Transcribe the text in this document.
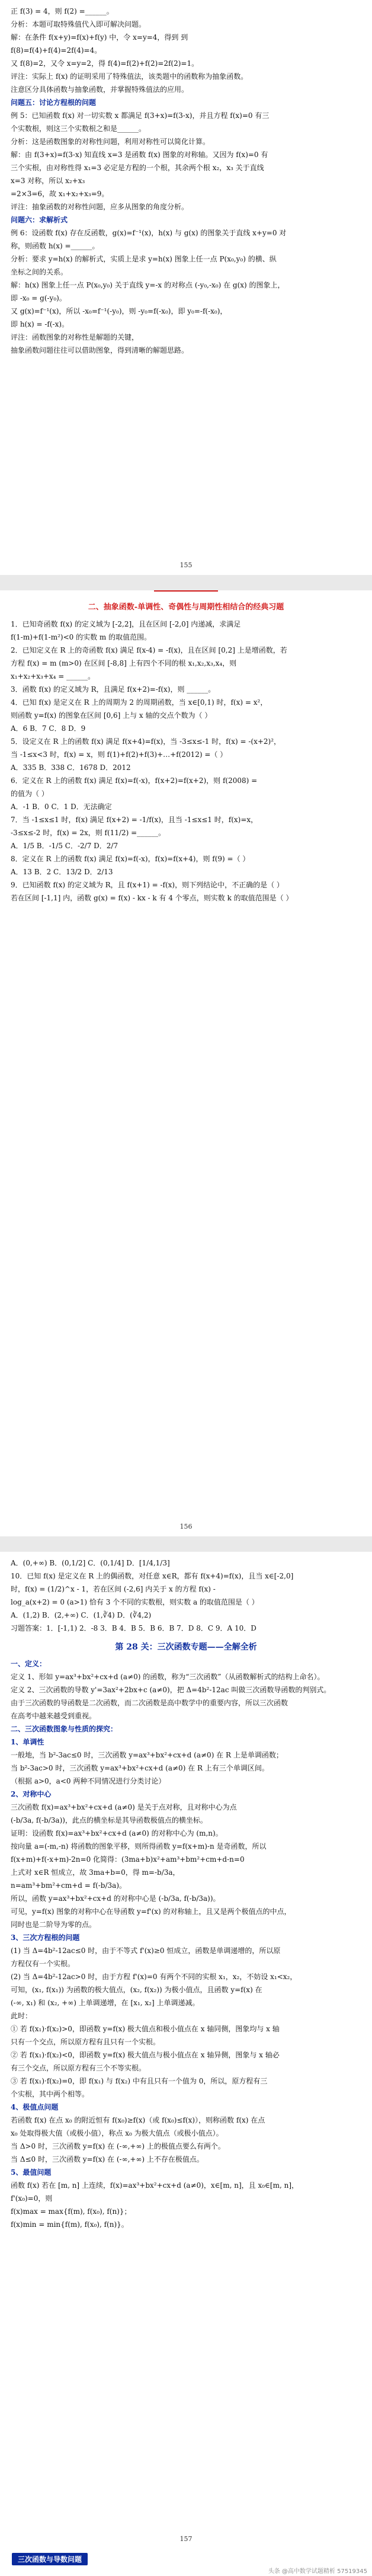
正 f(3) = 4，则 f(2) =______。
分析：本题可取特殊值代入即可解决问题。
解：在条件 f(x+y)=f(x)+f(y) 中，令 x=y=4，得到 到
f(8)=f(4)+f(4)=2f(4)=4。
又 f(8)=2，又令 x=y=2，得 f(4)=f(2)+f(2)=2f(2)=1。
评注：实际上 f(x) 的证明采用了特殊值法，该类题中的函数称为抽象函数。
注意区分具体函数与抽象函数，并掌握特殊值法的应用。
问题五：讨论方程根的问题
例 5：已知函数 f(x) 对一切实数 x 都满足 f(3+x)=f(3-x)，并且方程 f(x)=0 有三
个实数根，则这三个实数根之和是______。
分析：这是函数图象的对称性问题，利用对称性可以简化计算。
解：由 f(3+x)=f(3-x) 知直线 x=3 是函数 f(x) 图象的对称轴。又因为 f(x)=0 有
三个实根，由对称性得 x₁=3 必定是方程的一个根，其余两个根 x₂，x₃ 关于直线
x=3 对称，所以 x₂+x₃
=2×3=6，故 x₁+x₂+x₃=9。
评注：抽象函数的对称性问题，应多从图象的角度分析。
问题六：求解析式
例 6：设函数 f(x) 存在反函数，g(x)=f⁻¹(x)，h(x) 与 g(x) 的图象关于直线 x+y=0 对
称，则函数 h(x) =______。
分析：要求 y=h(x) 的解析式，实质上是求 y=h(x) 图象上任一点 P(x₀,y₀) 的横、纵
坐标之间的关系。
解：h(x) 图象上任一点 P(x₀,y₀) 关于直线 y=-x 的对称点 (-y₀,-x₀) 在 g(x) 的图象上，
即 -x₀ = g(-y₀)。
又 g(x)=f⁻¹(x)，所以 -x₀=f⁻¹(-y₀)，则 -y₀=f(-x₀)，即 y₀=-f(-x₀)，
即 h(x) = -f(-x)。
评注：函数图象的对称性是解题的关键，
抽象函数问题往往可以借助图象，得到清晰的解题思路。
155
二、抽象函数-单调性、奇偶性与周期性相结合的经典习题
1．已知奇函数 f(x) 的定义域为 [-2,2]，且在区间 [-2,0] 内递减，求满足
f(1-m)+f(1-m²)<0 的实数 m 的取值范围。
2．已知定义在 R 上的奇函数 f(x) 满足 f(x-4) = -f(x)，且在区间 [0,2] 上是增函数，若
方程 f(x) = m (m>0) 在区间 [-8,8] 上有四个不同的根 x₁,x₂,x₃,x₄，则
x₁+x₂+x₃+x₄ = ______。
3．函数 f(x) 的定义域为 R，且满足 f(x+2)=-f(x)，则 ______。
4．已知 f(x) 是定义在 R 上的周期为 2 的周期函数，当 x∈[0,1) 时，f(x) = x²，
则函数 y=f(x) 的图象在区间 [0,6] 上与 x 轴的交点个数为（ ）
A．6 B．7 C．8 D．9
5．设定义在 R 上的函数 f(x) 满足 f(x+4)=f(x)，当 -3≤x≤-1 时，f(x) = -(x+2)²，
当 -1≤x<3 时，f(x) = x，则 f(1)+f(2)+f(3)+…+f(2012) =（ ）
A．335 B．338 C．1678 D．2012
6．定义在 R 上的函数 f(x) 满足 f(x)=f(-x)，f(x+2)=f(x+2)，则 f(2008) =
的值为（ ）
A．-1 B．0 C．1 D．无法确定
7．当 -1≤x≤1 时，f(x) 满足 f(x+2) = -1/f(x)，且当 -1≤x≤1 时，f(x)=x，
-3≤x≤-2 时，f(x) = 2x，则 f(11/2) =______。
A．1/5 B．-1/5 C．-2/7 D．2/7
8．定义在 R 上的函数 f(x) 满足 f(x)=f(-x)，f(x)=f(x+4)，则 f(9) =（ ）
A．13 B．2 C．13/2 D．2/13
9．已知函数 f(x) 的定义域为 R，且 f(x+1) = -f(x)，则下列结论中，不正确的是（ ）
若在区间 [-1,1] 内，函数 g(x) = f(x) - kx - k 有 4 个零点，则实数 k 的取值范围是（ ）
156
A．(0,+∞) B．(0,1/2] C．(0,1/4] D．[1/4,1/3]
10．已知 f(x) 是定义在 R 上的偶函数，对任意 x∈R，都有 f(x+4)=f(x)，且当 x∈[-2,0]
时，f(x) = (1/2)^x - 1，若在区间 (-2,6] 内关于 x 的方程 f(x) -
log_a(x+2) = 0 (a>1) 恰有 3 个不同的实数根，则实数 a 的取值范围是（ ）
A．(1,2) B．(2,+∞) C．(1,∛4) D．(∛4,2)
习题答案：1．[-1,1) 2．-8 3．B 4．B 5．B 6．B 7．D 8．C 9．A 10．D
第 28 关：三次函数专题——全解全析
一、定义：
定义 1、形如 y=ax³+bx²+cx+d (a≠0) 的函数，称为“三次函数”（从函数解析式的结构上命名）。
定义 2、三次函数的导数 y'=3ax²+2bx+c (a≠0)，把 Δ=4b²-12ac 叫做三次函数导函数的判别式。
由于三次函数的导函数是二次函数，而二次函数是高中数学中的重要内容，所以三次函数
在高考中越来越受到重视。
二、三次函数图象与性质的探究：
1、单调性
一般地，当 b²-3ac≤0 时，三次函数 y=ax³+bx²+cx+d (a≠0) 在 R 上是单调函数；
当 b²-3ac>0 时，三次函数 y=ax³+bx²+cx+d (a≠0) 在 R 上有三个单调区间。
（根据 a>0，a<0 两种不同情况进行分类讨论）
2、对称中心
三次函数 f(x)=ax³+bx²+cx+d (a≠0) 是关于点对称，且对称中心为点
(-b/3a, f(-b/3a))，此点的横坐标是其导函数极值点的横坐标。
证明：设函数 f(x)=ax³+bx²+cx+d (a≠0) 的对称中心为 (m,n)。
按向量 a=(-m,-n) 将函数的图象平移，则所得函数 y=f(x+m)-n 是奇函数，所以
f(x+m)+f(-x+m)-2n=0 化简得：(3ma+b)x²+am³+bm²+cm+d-n=0
上式对 x∈R 恒成立，故 3ma+b=0，得 m=-b/3a，
n=am³+bm²+cm+d = f(-b/3a)。
所以，函数 y=ax³+bx²+cx+d 的对称中心是 (-b/3a, f(-b/3a))。
可见，y=f(x) 图象的对称中心在导函数 y=f'(x) 的对称轴上，且又是两个极值点的中点，
同时也是二阶导为零的点。
3、三次方程根的问题
(1) 当 Δ=4b²-12ac≤0 时，由于不等式 f'(x)≥0 恒成立，函数是单调递增的，所以原
方程仅有一个实根。
(2) 当 Δ=4b²-12ac>0 时，由于方程 f'(x)=0 有两个不同的实根 x₁，x₂，不妨设 x₁<x₂，
可知，(x₁, f(x₁)) 为函数的极大值点，(x₂, f(x₂)) 为极小值点，且函数 y=f(x) 在
(-∞, x₁) 和 (x₂, +∞) 上单调递增，在 [x₁, x₂] 上单调递减。
此时：
① 若 f(x₁)·f(x₂)>0，即函数 y=f(x) 极大值点和极小值点在 x 轴同侧，图象均与 x 轴
只有一个交点，所以原方程有且只有一个实根。
② 若 f(x₁)·f(x₂)<0，即函数 y=f(x) 极大值点与极小值点在 x 轴异侧，图象与 x 轴必
有三个交点，所以原方程有三个不等实根。
③ 若 f(x₁)·f(x₂)=0，即 f(x₁) 与 f(x₂) 中有且只有一个值为 0，所以，原方程有三
个实根，其中两个相等。
4、极值点问题
若函数 f(x) 在点 x₀ 的附近恒有 f(x₀)≥f(x)（或 f(x₀)≤f(x)），则称函数 f(x) 在点
x₀ 处取得极大值（或极小值），称点 x₀ 为极大值点（或极小值点）。
当 Δ>0 时，三次函数 y=f(x) 在 (-∞,+∞) 上的极值点要么有两个。
当 Δ≤0 时，三次函数 y=f(x) 在 (-∞,+∞) 上不存在极值点。
5、最值问题
函数 f(x) 若在 [m, n] 上连续，f(x)=ax³+bx²+cx+d (a≠0)，x∈[m, n]，且 x₀∈[m, n]，
f'(x₀)=0，则
f(x)max = max{f(m), f(x₀), f(n)}；
f(x)min = min{f(m), f(x₀), f(n)}。
157
三次函数与导数问题
头条 @高中数学试题精析 57519345
